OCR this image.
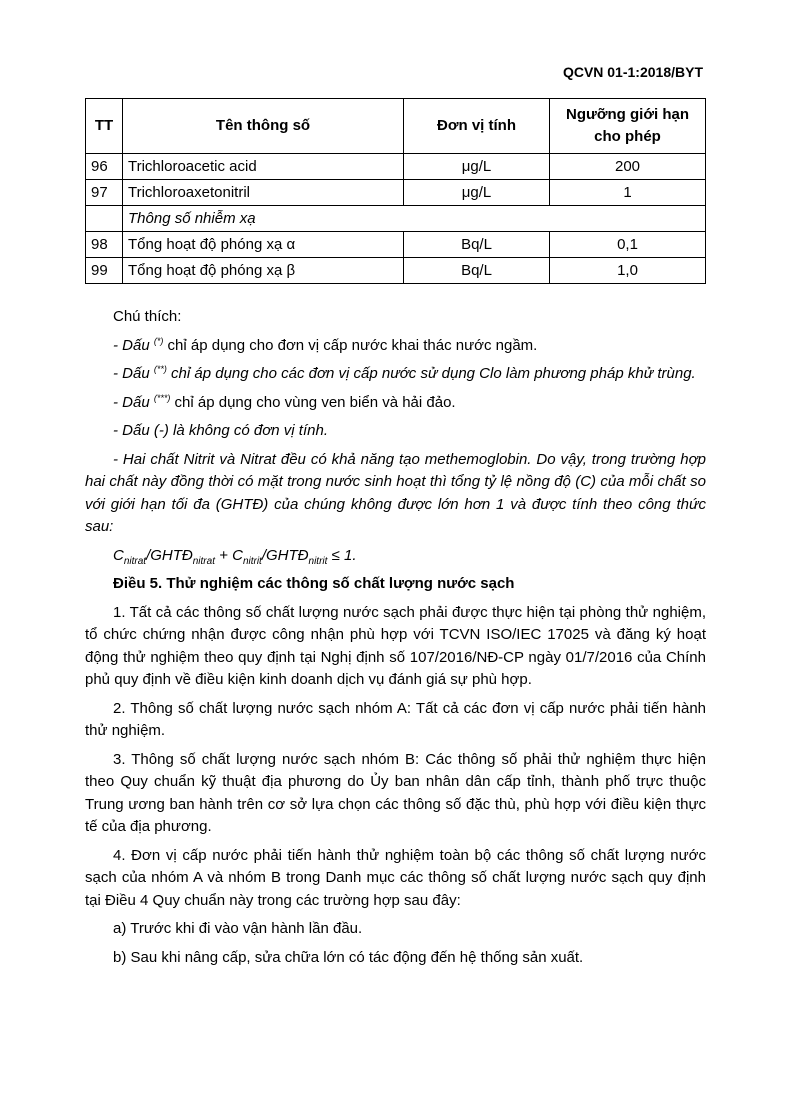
QCVN 01-1:2018/BYT
TT	Tên thông số	Đơn vị tính	Ngưỡng giới hạn
cho phép
96	Trichloroacetic acid	μg/L	200
97	Trichloroaxetonitril	μg/L	1
	Thông số nhiễm xạ		
98	Tổng hoạt độ phóng xạ α	Bq/L	0,1
99	Tổng hoạt độ phóng xạ β	Bq/L	1,0

Chú thích:

- Dấu (*) chỉ áp dụng cho đơn vị cấp nước khai thác nước ngầm.

- Dấu (**) chỉ áp dụng cho các đơn vị cấp nước sử dụng Clo làm phương pháp khử trùng.

- Dấu (***) chỉ áp dụng cho vùng ven biển và hải đảo.

- Dấu (-) là không có đơn vị tính.

- Hai chất Nitrit và Nitrat đều có khả năng tạo methemoglobin. Do vậy, trong trường hợp hai chất này đồng thời có mặt trong nước sinh hoạt thì tổng tỷ lệ nồng độ (C) của mỗi chất so với giới hạn tối đa (GHTĐ) của chúng không được lớn hơn 1 và được tính theo công thức sau:

$C_{nitrat}/GHTĐ_{nitrat}$ + $C_{nitrit}/GHTĐ_{nitrit} \le 1$.

Điều 5. Thử nghiệm các thông số chất lượng nước sạch

1. Tất cả các thông số chất lượng nước sạch phải được thực hiện tại phòng thử nghiệm, tổ chức chứng nhận được công nhận phù hợp với TCVN ISO/IEC 17025 và đăng ký hoạt động thử nghiệm theo quy định tại Nghị định số 107/2016/NĐ-CP ngày 01/7/2016 của Chính phủ quy định về điều kiện kinh doanh dịch vụ đánh giá sự phù hợp.

2. Thông số chất lượng nước sạch nhóm A: Tất cả các đơn vị cấp nước phải tiến hành thử nghiệm.

3. Thông số chất lượng nước sạch nhóm B: Các thông số phải thử nghiệm thực hiện theo Quy chuẩn kỹ thuật địa phương do Ủy ban nhân dân cấp tỉnh, thành phố trực thuộc Trung ương ban hành trên cơ sở lựa chọn các thông số đặc thù, phù hợp với điều kiện thực tế của địa phương.

4. Đơn vị cấp nước phải tiến hành thử nghiệm toàn bộ các thông số chất lượng nước sạch của nhóm A và nhóm B trong Danh mục các thông số chất lượng nước sạch quy định tại Điều 4 Quy chuẩn này trong các trường hợp sau đây:

a) Trước khi đi vào vận hành lần đầu.

b) Sau khi nâng cấp, sửa chữa lớn có tác động đến hệ thống sản xuất.
